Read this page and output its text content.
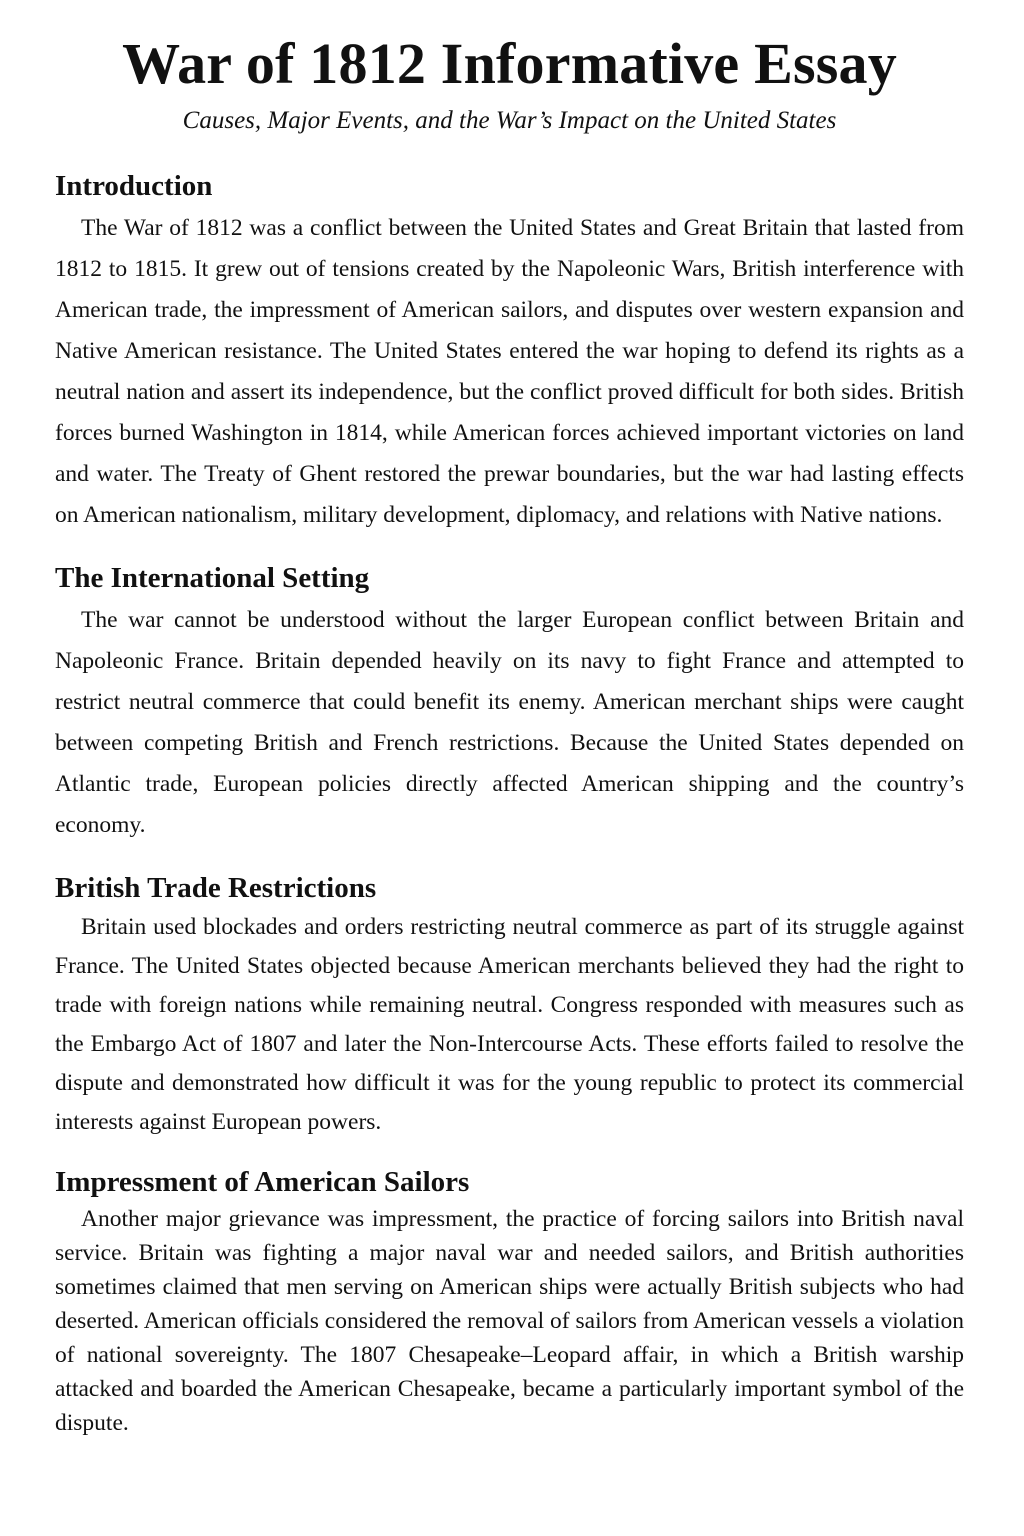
War of 1812 Informative Essay

Causes, Major Events, and the War’s Impact on the United States

Introduction

The War of 1812 was a conflict between the United States and Great Britain that lasted from 1812 to 1815. It grew out of tensions created by the Napoleonic Wars, British interference with American trade, the impressment of American sailors, and disputes over western expansion and Native American resistance. The United States entered the war hoping to defend its rights as a neutral nation and assert its independence, but the conflict proved difficult for both sides. British forces burned Washington in 1814, while American forces achieved important victories on land and water. The Treaty of Ghent restored the prewar boundaries, but the war had lasting effects on American nationalism, military development, diplomacy, and relations with Native nations.

The International Setting

The war cannot be understood without the larger European conflict between Britain and Napoleonic France. Britain depended heavily on its navy to fight France and attempted to restrict neutral commerce that could benefit its enemy. American merchant ships were caught between competing British and French restrictions. Because the United States depended on Atlantic trade, European policies directly affected American shipping and the country’s economy.

British Trade Restrictions

Britain used blockades and orders restricting neutral commerce as part of its struggle against France. The United States objected because American merchants believed they had the right to trade with foreign nations while remaining neutral. Congress responded with measures such as the Embargo Act of 1807 and later the Non-Intercourse Acts. These efforts failed to resolve the dispute and demonstrated how difficult it was for the young republic to protect its commercial interests against European powers.

Impressment of American Sailors

Another major grievance was impressment, the practice of forcing sailors into British naval service. Britain was fighting a major naval war and needed sailors, and British authorities sometimes claimed that men serving on American ships were actually British subjects who had deserted. American officials considered the removal of sailors from American vessels a violation of national sovereignty. The 1807 Chesapeake–Leopard affair, in which a British warship attacked and boarded the American Chesapeake, became a particularly important symbol of the dispute.
